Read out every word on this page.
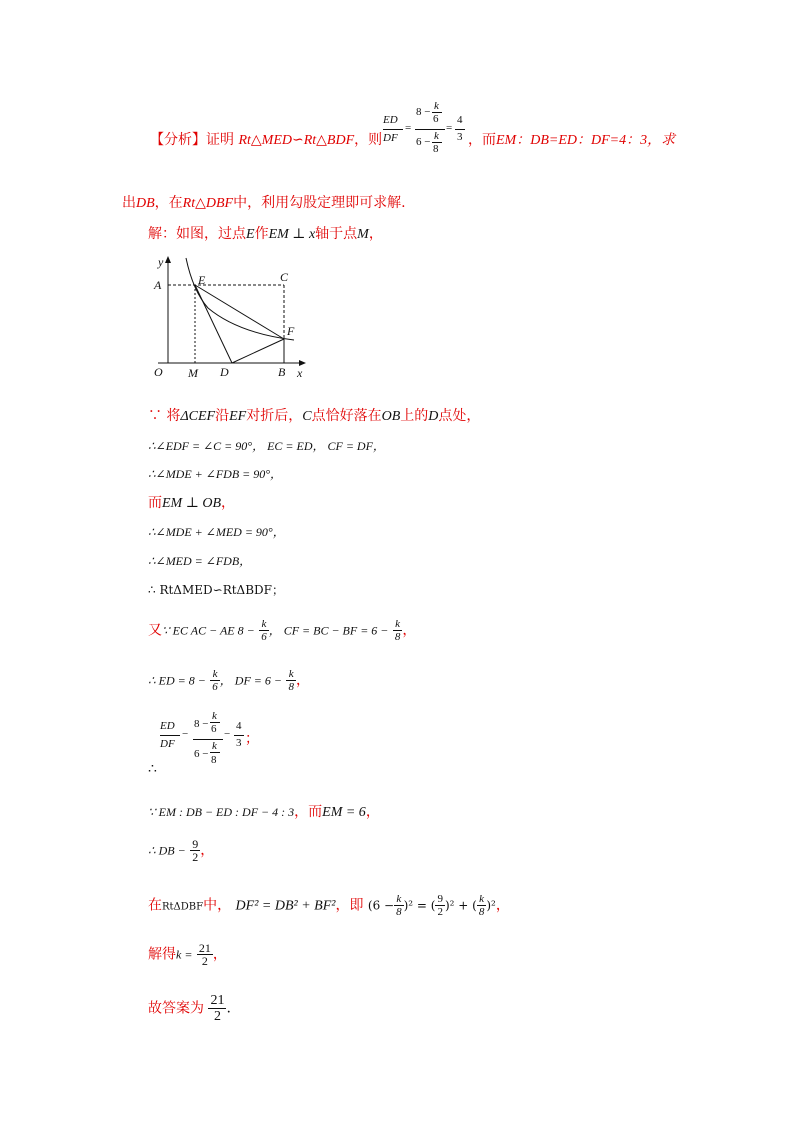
【分析】证明 Rt△MED∽Rt△BDF，则
ED
DF
=
8 − k
6
6 − k
8
=
4
3 ，而EM：DB=ED：DF=4：3，求
出DB，在Rt△DBF中，利用勾股定理即可求解.
解：如图，过点E作EM ⊥ x轴于点M，
y
A	E	C
F
O M D	B x
∵ 将ΔCEF沿EF对折后，C点恰好落在OB上的D点处，
∴∠EDF = ∠C = 90°， EC = ED， CF = DF，
∴∠MDE + ∠FDB = 90°，
而EM ⊥ OB，
∴∠MDE + ∠MED = 90°，
∴∠MED = ∠FDB，
∴ RtΔMED∽RtΔBDF；
又∵ EC AC − AE $8 - \frac{k}{6}$ ， CF = BC − BF = $6 - \frac{k}{8}$ ，
∴ ED = $8 - \frac{k}{6}$ ， DF = $6 - \frac{k}{8}$ ，
ED
DF
−
8 −
k
6
6 −
k
8
−
4
3 ；
∴
∵ EM : DB − ED : DF − 4 : 3，而EM = 6，
∴ DB − $\frac{9}{2}$ ，
在RtΔDBF中， DF² = DB² + BF²，即 $(6 - \frac{k}{8} )^2$ = ( $\frac{9}{2} )^2$ + ( $\frac{k}{8} )^2$，
解得$k = \frac{21}{2}$ ，
故答案为 $\frac{21}{2}$ .
